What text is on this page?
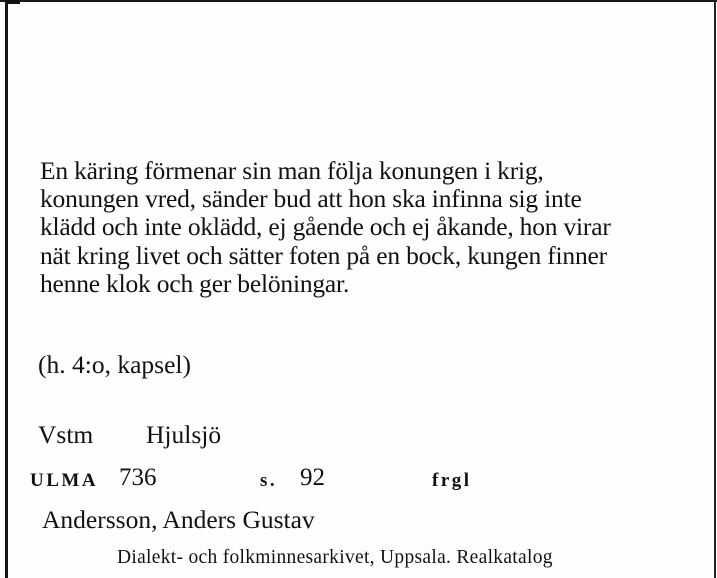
En käring förmenar sin man följa konungen i krig,
konungen vred, sänder bud att hon ska infinna sig inte
klädd och inte oklädd, ej gående och ej åkande, hon virar
nät kring livet och sätter foten på en bock, kungen finner
henne klok och ger belöningar.
(h. 4:o, kapsel)
Vstm Hjulsjö
ULMA 736	s. 92	frgl
Andersson, Anders Gustav
Dialekt- och folkminnesarkivet, Uppsala. Realkatalog
